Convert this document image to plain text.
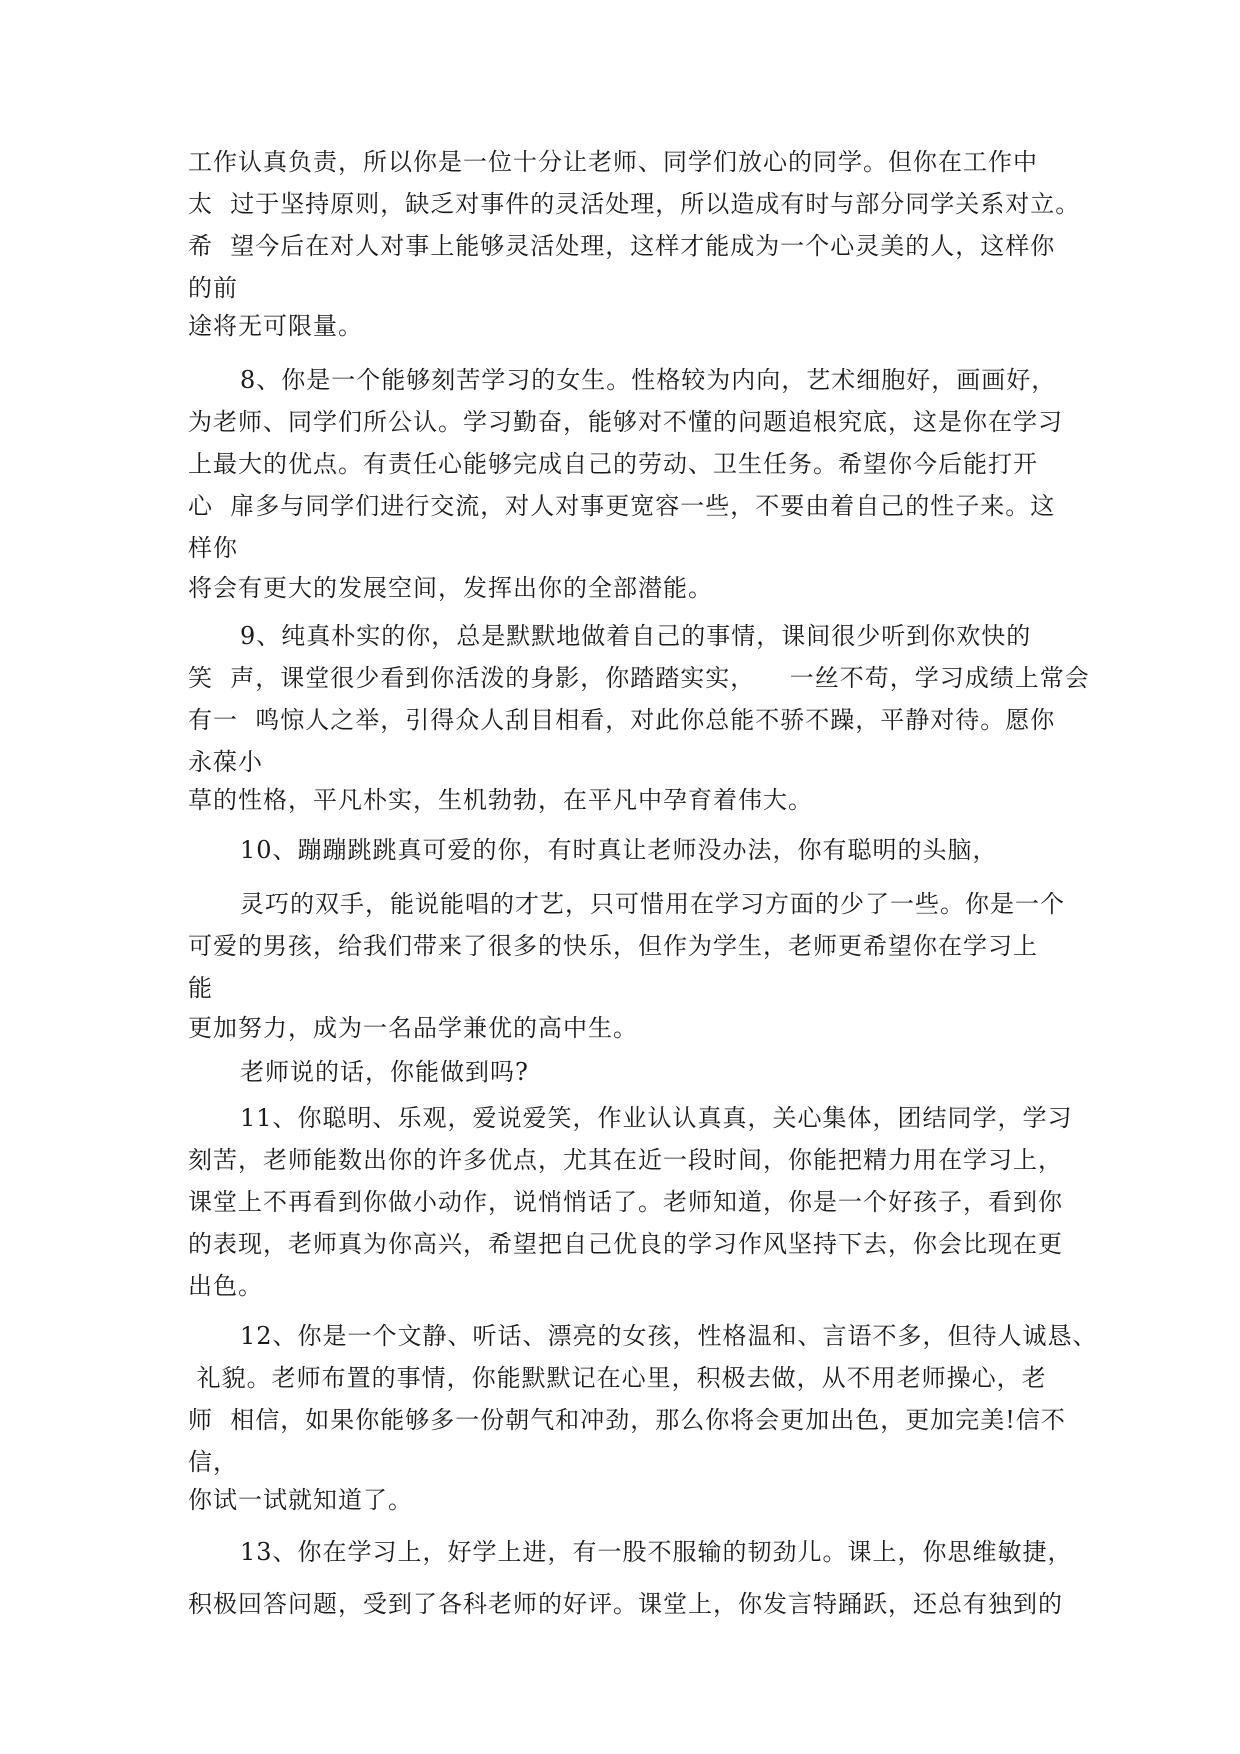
工作认真负责，所以你是一位十分让老师、同学们放心的同学。但你在工作中
太  过于坚持原则，缺乏对事件的灵活处理，所以造成有时与部分同学关系对立。
希  望今后在对人对事上能够灵活处理，这样才能成为一个心灵美的人，这样你
的前
途将无可限量。
8、你是一个能够刻苦学习的女生。性格较为内向，艺术细胞好，画画好，
为老师、同学们所公认。学习勤奋，能够对不懂的问题追根究底，这是你在学习
上最大的优点。有责任心能够完成自己的劳动、卫生任务。希望你今后能打开
心  扉多与同学们进行交流，对人对事更宽容一些，不要由着自己的性子来。这
样你
将会有更大的发展空间，发挥出你的全部潜能。
9、纯真朴实的你，总是默默地做着自己的事情，课间很少听到你欢快的
笑  声，课堂很少看到你活泼的身影，你踏踏实实，    一丝不苟，学习成绩上常会
有一  鸣惊人之举，引得众人刮目相看，对此你总能不骄不躁，平静对待。愿你
永葆小
草的性格，平凡朴实，生机勃勃，在平凡中孕育着伟大。
10、蹦蹦跳跳真可爱的你，有时真让老师没办法，你有聪明的头脑，
灵巧的双手，能说能唱的才艺，只可惜用在学习方面的少了一些。你是一个
可爱的男孩，给我们带来了很多的快乐，但作为学生，老师更希望你在学习上
能
更加努力，成为一名品学兼优的高中生。
老师说的话，你能做到吗?
11、你聪明、乐观，爱说爱笑，作业认认真真，关心集体，团结同学，学习
刻苦，老师能数出你的许多优点，尤其在近一段时间，你能把精力用在学习上，
课堂上不再看到你做小动作，说悄悄话了。老师知道，你是一个好孩子，看到你
的表现，老师真为你高兴，希望把自己优良的学习作风坚持下去，你会比现在更
出色。
12、你是一个文静、听话、漂亮的女孩，性格温和、言语不多，但待人诚恳、
礼貌。老师布置的事情，你能默默记在心里，积极去做，从不用老师操心，老
师  相信，如果你能够多一份朝气和冲劲，那么你将会更加出色，更加完美!信不
信，
你试一试就知道了。
13、你在学习上，好学上进，有一股不服输的韧劲儿。课上，你思维敏捷，
积极回答问题，受到了各科老师的好评。课堂上，你发言特踊跃，还总有独到的
